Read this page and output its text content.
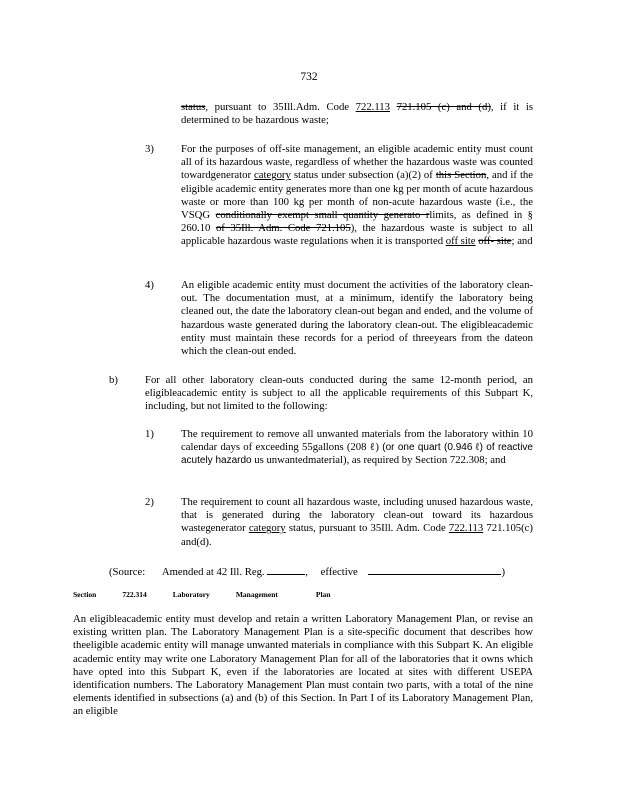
732
status, pursuant to 35Ill.Adm. Code 722.113 721.105 (c) and (d), if it is determined to be hazardous waste;
3)	For the purposes of off-site management, an eligible academic entity must count all of its hazardous waste, regardless of whether the hazardous waste was counted towardgenerator category status under subsection (a)(2) of this Section, and if the eligible academic entity generates more than one kg per month of acute hazardous waste or more than 100 kg per month of non-acute hazardous waste (i.e., the VSQG conditionally exempt small quantity generato rlimits, as defined in § 260.10 of 35Ill. Adm. Code 721.105), the hazardous waste is subject to all applicable hazardous waste regulations when it is transported off site off- site; and
4)	An eligible academic entity must document the activities of the laboratory clean-out. The documentation must, at a minimum, identify the laboratory being cleaned out, the date the laboratory clean-out began and ended, and the volume of hazardous waste generated during the laboratory clean-out. The eligibleacademic entity must maintain these records for a period of threeyears from the dateon which the clean-out ended.
b)	For all other laboratory clean-outs conducted during the same 12-month period, an eligibleacademic entity is subject to all the applicable requirements of this Subpart K, including, but not limited to the following:
1)	The requirement to remove all unwanted materials from the laboratory within 10 calendar days of exceeding 55gallons (208 ℓ) (or one quart (0.946 ℓ) of reactive acutely hazardo us unwantedmaterial), as required by Section 722.308; and
2)	The requirement to count all hazardous waste, including unused hazardous waste, that is generated during the laboratory clean-out toward its hazardous wastegenerator category status, pursuant to 35Ill. Adm. Code 722.113 721.105(c) and(d).
(Source: Amended at 42 Ill. Reg.	, effective	)
Section	722.314	Laboratory	Management	Plan
An eligibleacademic entity must develop and retain a written Laboratory Management Plan, or revise an existing written plan. The Laboratory Management Plan is a site-specific document that describes how theeligible academic entity will manage unwanted materials in compliance with this Subpart K. An eligible academic entity may write one Laboratory Management Plan for all of the laboratories that it owns which have opted into this Subpart K, even if the laboratories are located at sites with different USEPA identification numbers. The Laboratory Management Plan must contain two parts, with a total of the nine elements identified in subsections (a) and (b) of this Section. In Part I of its Laboratory Management Plan, an eligible
